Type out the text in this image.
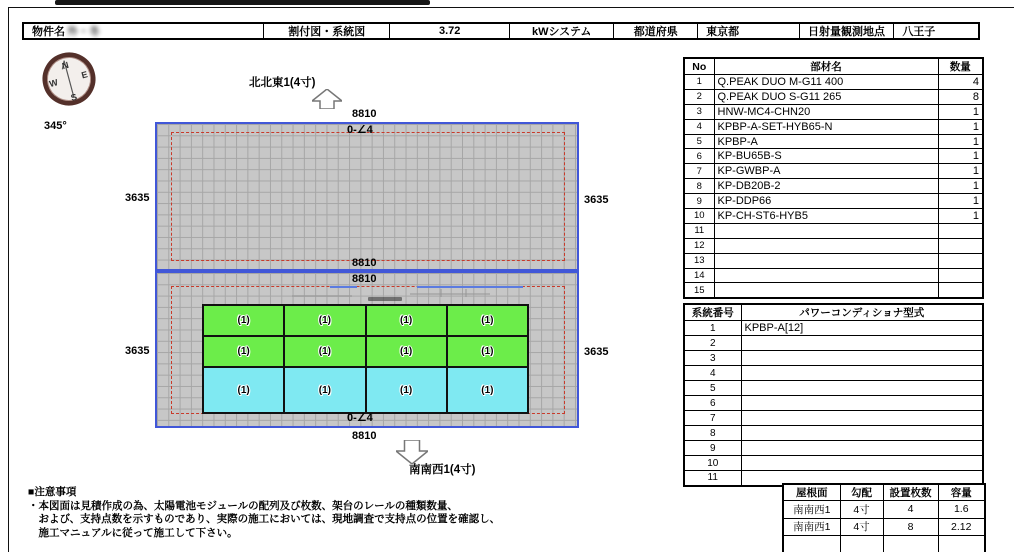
物件名 外・冬	割付図・系統図	3.72	kWシステム	都道府県	東京都	日射量観測地点	八王子
N
E
S
W
345°
北北東1(4寸)
(1)	(1)	(1)	(1)
(1)	(1)	(1)	(1)
(1)	(1)	(1)	(1)
8810
0-∠4
8810
8810
0-∠4
8810
3635
3635
3635
3635
南南西1(4寸)
No	部材名	数量
1	Q.PEAK DUO M-G11 400	4
2	Q.PEAK DUO S-G11 265	8
3	HNW-MC4-CHN20	1
4	KPBP-A-SET-HYB65-N	1
5	KPBP-A	1
6	KP-BU65B-S	1
7	KP-GWBP-A	1
8	KP-DB20B-2	1
9	KP-DDP66	1
10	KP-CH-ST6-HYB5	1
11		
12		
13		
14		
15		
系統番号	パワーコンディショナ型式
1	KPBP-A[12]
2	
3	
4	
5	
6	
7	
8	
9	
10	
11	
屋根面	勾配	設置枚数	容量
南南西1	4寸	4	1.6
南南西1	4寸	8	2.12

■注意事項
・本図面は見積作成の為、太陽電池モジュールの配列及び枚数、架台のレールの種類数量、
　および、支持点数を示すものであり、実際の施工においては、現地調査で支持点の位置を確認し、
　施工マニュアルに従って施工して下さい。
